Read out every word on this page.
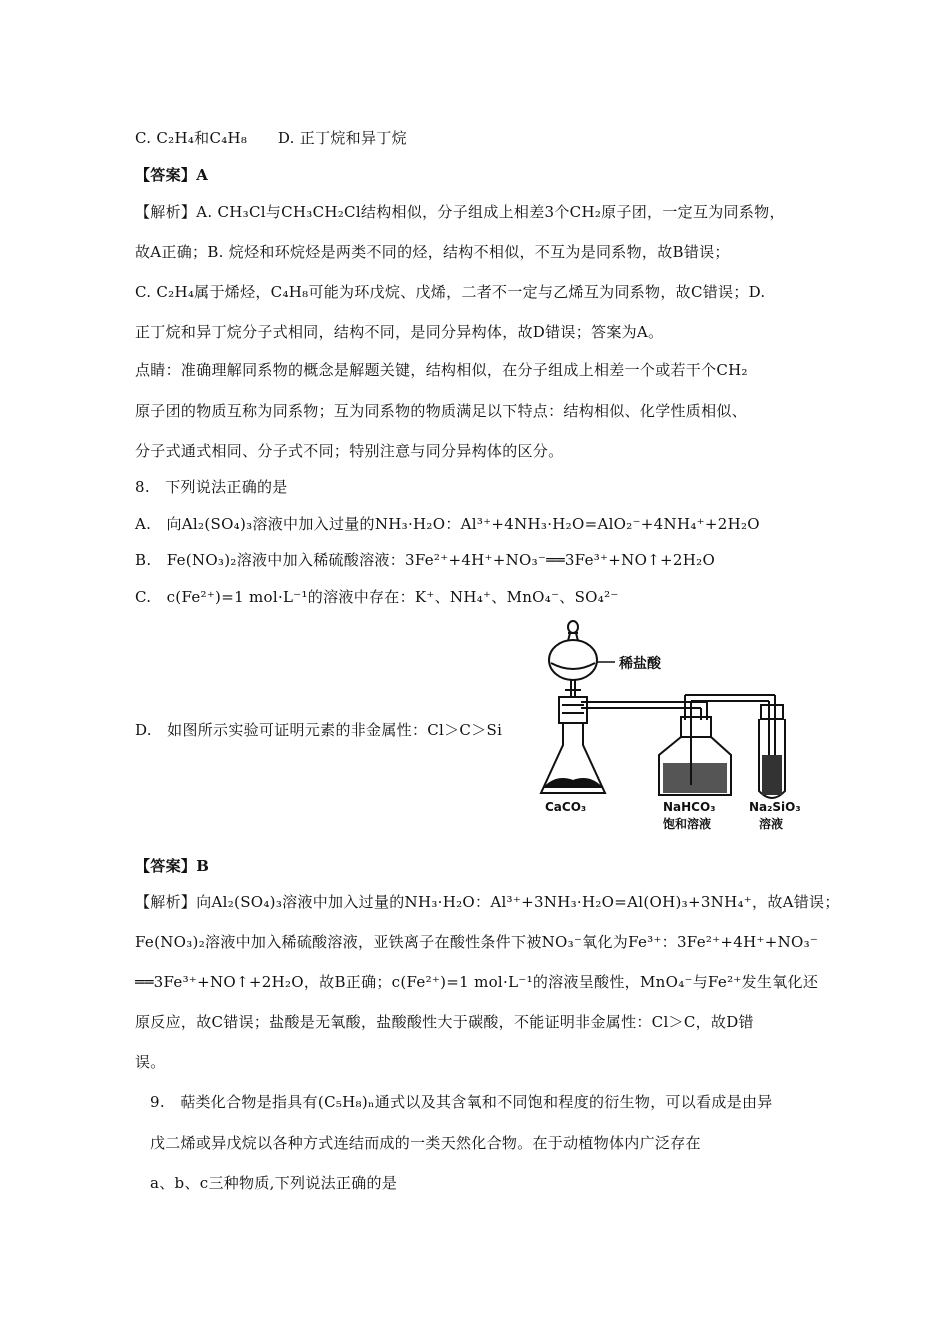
C. C₂H₄和C₄H₈　　D. 正丁烷和异丁烷
【答案】A
【解析】A. CH₃Cl与CH₃CH₂Cl结构相似，分子组成上相差3个CH₂原子团，一定互为同系物，
故A正确；B. 烷烃和环烷烃是两类不同的烃，结构不相似，不互为是同系物，故B错误；
C. C₂H₄属于烯烃，C₄H₈可能为环戊烷、戊烯，二者不一定与乙烯互为同系物，故C错误；D.
正丁烷和异丁烷分子式相同，结构不同，是同分异构体，故D错误；答案为A。
点睛：准确理解同系物的概念是解题关键，结构相似，在分子组成上相差一个或若干个CH₂
原子团的物质互称为同系物；互为同系物的物质满足以下特点：结构相似、化学性质相似、
分子式通式相同、分子式不同；特别注意与同分异构体的区分。
8.　下列说法正确的是
A.　向Al₂(SO₄)₃溶液中加入过量的NH₃·H₂O：Al³⁺+4NH₃·H₂O=AlO₂⁻+4NH₄⁺+2H₂O
B.　Fe(NO₃)₂溶液中加入稀硫酸溶液：3Fe²⁺+4H⁺+NO₃⁻══3Fe³⁺+NO↑+2H₂O
C.　c(Fe²⁺)=1 mol·L⁻¹的溶液中存在：K⁺、NH₄⁺、MnO₄⁻、SO₄²⁻
D.　如图所示实验可证明元素的非金属性：Cl＞C＞Si
稀盐酸
CaCO₃	NaHCO₃
饱和溶液
Na₂SiO₃
溶液
【答案】B
【解析】向Al₂(SO₄)₃溶液中加入过量的NH₃·H₂O：Al³⁺+3NH₃·H₂O=Al(OH)₃+3NH₄⁺，故A错误；
Fe(NO₃)₂溶液中加入稀硫酸溶液，亚铁离子在酸性条件下被NO₃⁻氧化为Fe³⁺：3Fe²⁺+4H⁺+NO₃⁻
══3Fe³⁺+NO↑+2H₂O，故B正确；c(Fe²⁺)=1 mol·L⁻¹的溶液呈酸性，MnO₄⁻与Fe²⁺发生氧化还
原反应，故C错误；盐酸是无氧酸，盐酸酸性大于碳酸，不能证明非金属性：Cl＞C，故D错
误。
9.　萜类化合物是指具有(C₅H₈)ₙ通式以及其含氧和不同饱和程度的衍生物，可以看成是由异
戊二烯或异戊烷以各种方式连结而成的一类天然化合物。在于动植物体内广泛存在
a、b、c三种物质,下列说法正确的是
